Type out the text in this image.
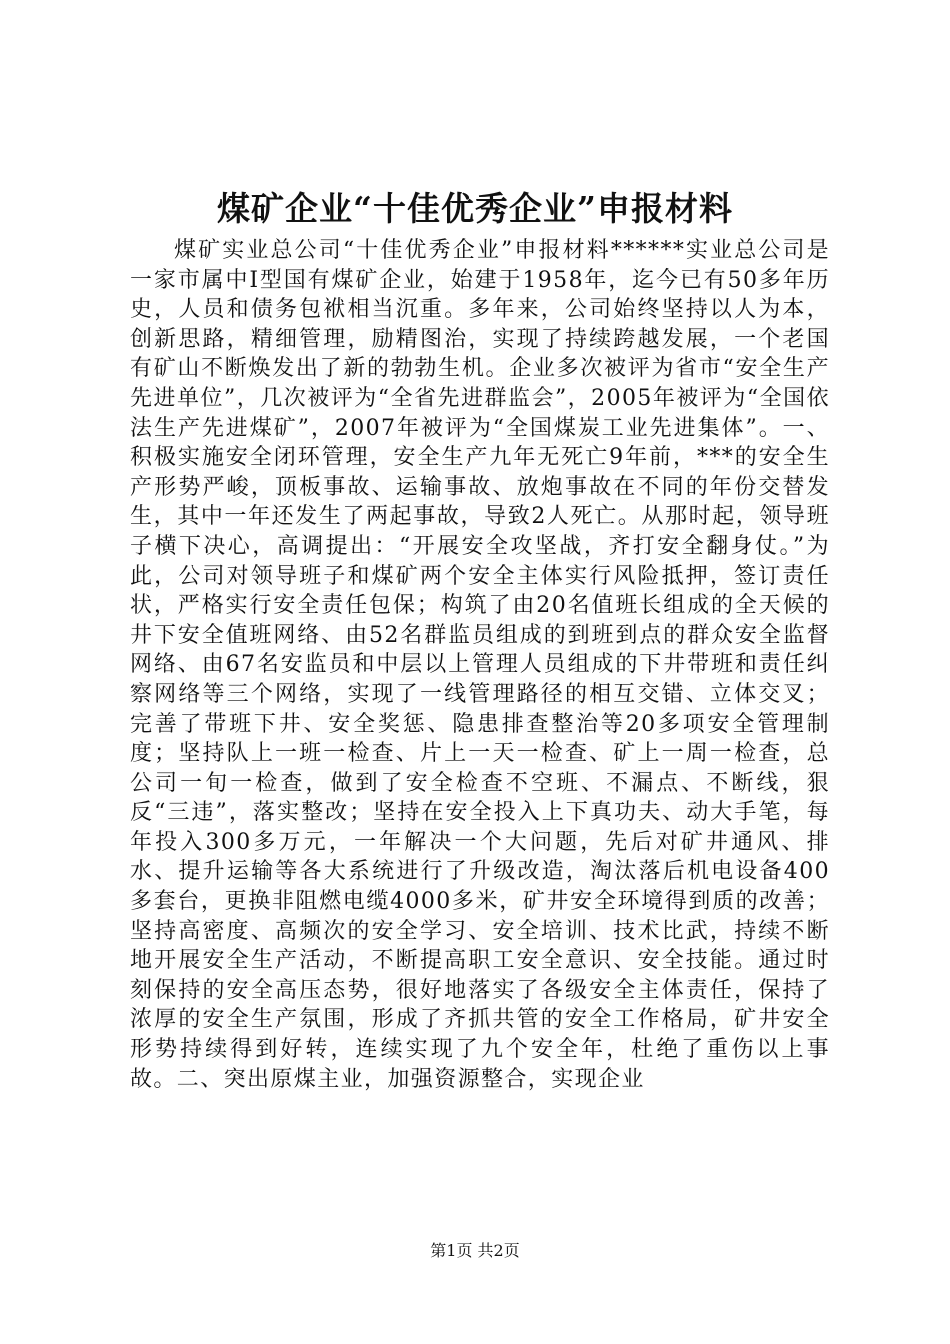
煤矿企业“十佳优秀企业”申报材料

煤矿实业总公司“十佳优秀企业”申报材料******实业总公司是一家市属中Ⅰ型国有煤矿企业，始建于1958年，迄今已有50多年历史，人员和债务包袱相当沉重。多年来，公司始终坚持以人为本，创新思路，精细管理，励精图治，实现了持续跨越发展，一个老国有矿山不断焕发出了新的勃勃生机。企业多次被评为省市“安全生产先进单位”，几次被评为“全省先进群监会”，2005年被评为“全国依法生产先进煤矿”，2007年被评为“全国煤炭工业先进集体”。一、积极实施安全闭环管理，安全生产九年无死亡9年前，***的安全生产形势严峻，顶板事故、运输事故、放炮事故在不同的年份交替发生，其中一年还发生了两起事故，导致2人死亡。从那时起，领导班子横下决心，高调提出：“开展安全攻坚战，齐打安全翻身仗。”为此，公司对领导班子和煤矿两个安全主体实行风险抵押，签订责任状，严格实行安全责任包保；构筑了由20名值班长组成的全天候的井下安全值班网络、由52名群监员组成的到班到点的群众安全监督网络、由67名安监员和中层以上管理人员组成的下井带班和责任纠察网络等三个网络，实现了一线管理路径的相互交错、立体交叉；完善了带班下井、安全奖惩、隐患排查整治等20多项安全管理制度；坚持队上一班一检查、片上一天一检查、矿上一周一检查，总公司一旬一检查，做到了安全检查不空班、不漏点、不断线，狠反“三违”，落实整改；坚持在安全投入上下真功夫、动大手笔，每年投入300多万元，一年解决一个大问题，先后对矿井通风、排水、提升运输等各大系统进行了升级改造，淘汰落后机电设备400多套台，更换非阻燃电缆4000多米，矿井安全环境得到质的改善；坚持高密度、高频次的安全学习、安全培训、技术比武，持续不断地开展安全生产活动，不断提高职工安全意识、安全技能。通过时刻保持的安全高压态势，很好地落实了各级安全主体责任，保持了浓厚的安全生产氛围，形成了齐抓共管的安全工作格局，矿井安全形势持续得到好转，连续实现了九个安全年，杜绝了重伤以上事故。二、突出原煤主业，加强资源整合，实现企业

第1页 共2页
